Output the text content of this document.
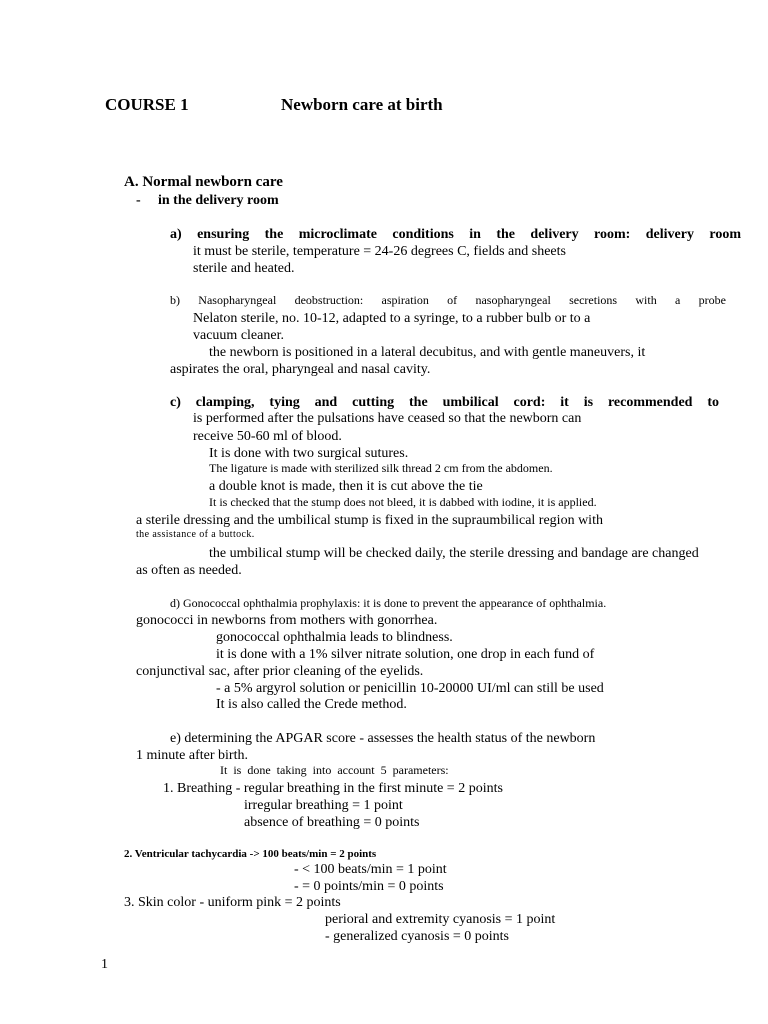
COURSE 1	Newborn care at birth
A. Normal newborn care
- in the delivery room
a) ensuring the microclimate conditions in the delivery room: delivery room
it must be sterile, temperature = 24-26 degrees C, fields and sheets
sterile and heated.
b) Nasopharyngeal deobstruction: aspiration of nasopharyngeal secretions with a probe
Nelaton sterile, no. 10-12, adapted to a syringe, to a rubber bulb or to a
vacuum cleaner.
the newborn is positioned in a lateral decubitus, and with gentle maneuvers, it
aspirates the oral, pharyngeal and nasal cavity.
c) clamping, tying and cutting the umbilical cord: it is recommended to
is performed after the pulsations have ceased so that the newborn can
receive 50-60 ml of blood.
It is done with two surgical sutures.
The ligature is made with sterilized silk thread 2 cm from the abdomen.
a double knot is made, then it is cut above the tie
It is checked that the stump does not bleed, it is dabbed with iodine, it is applied.
a sterile dressing and the umbilical stump is fixed in the supraumbilical region with
the assistance of a buttock.
the umbilical stump will be checked daily, the sterile dressing and bandage are changed
as often as needed.
d) Gonococcal ophthalmia prophylaxis: it is done to prevent the appearance of ophthalmia.
gonococci in newborns from mothers with gonorrhea.
gonococcal ophthalmia leads to blindness.
it is done with a 1% silver nitrate solution, one drop in each fund of
conjunctival sac, after prior cleaning of the eyelids.
- a 5% argyrol solution or penicillin 10-20000 UI/ml can still be used
It is also called the Crede method.
e) determining the APGAR score - assesses the health status of the newborn
1 minute after birth.
It is done taking into account 5 parameters:
1. Breathing - regular breathing in the first minute = 2 points
irregular breathing = 1 point
absence of breathing = 0 points
2. Ventricular tachycardia -> 100 beats/min = 2 points
- < 100 beats/min = 1 point
- = 0 points/min = 0 points
3. Skin color - uniform pink = 2 points
perioral and extremity cyanosis = 1 point
- generalized cyanosis = 0 points
1
